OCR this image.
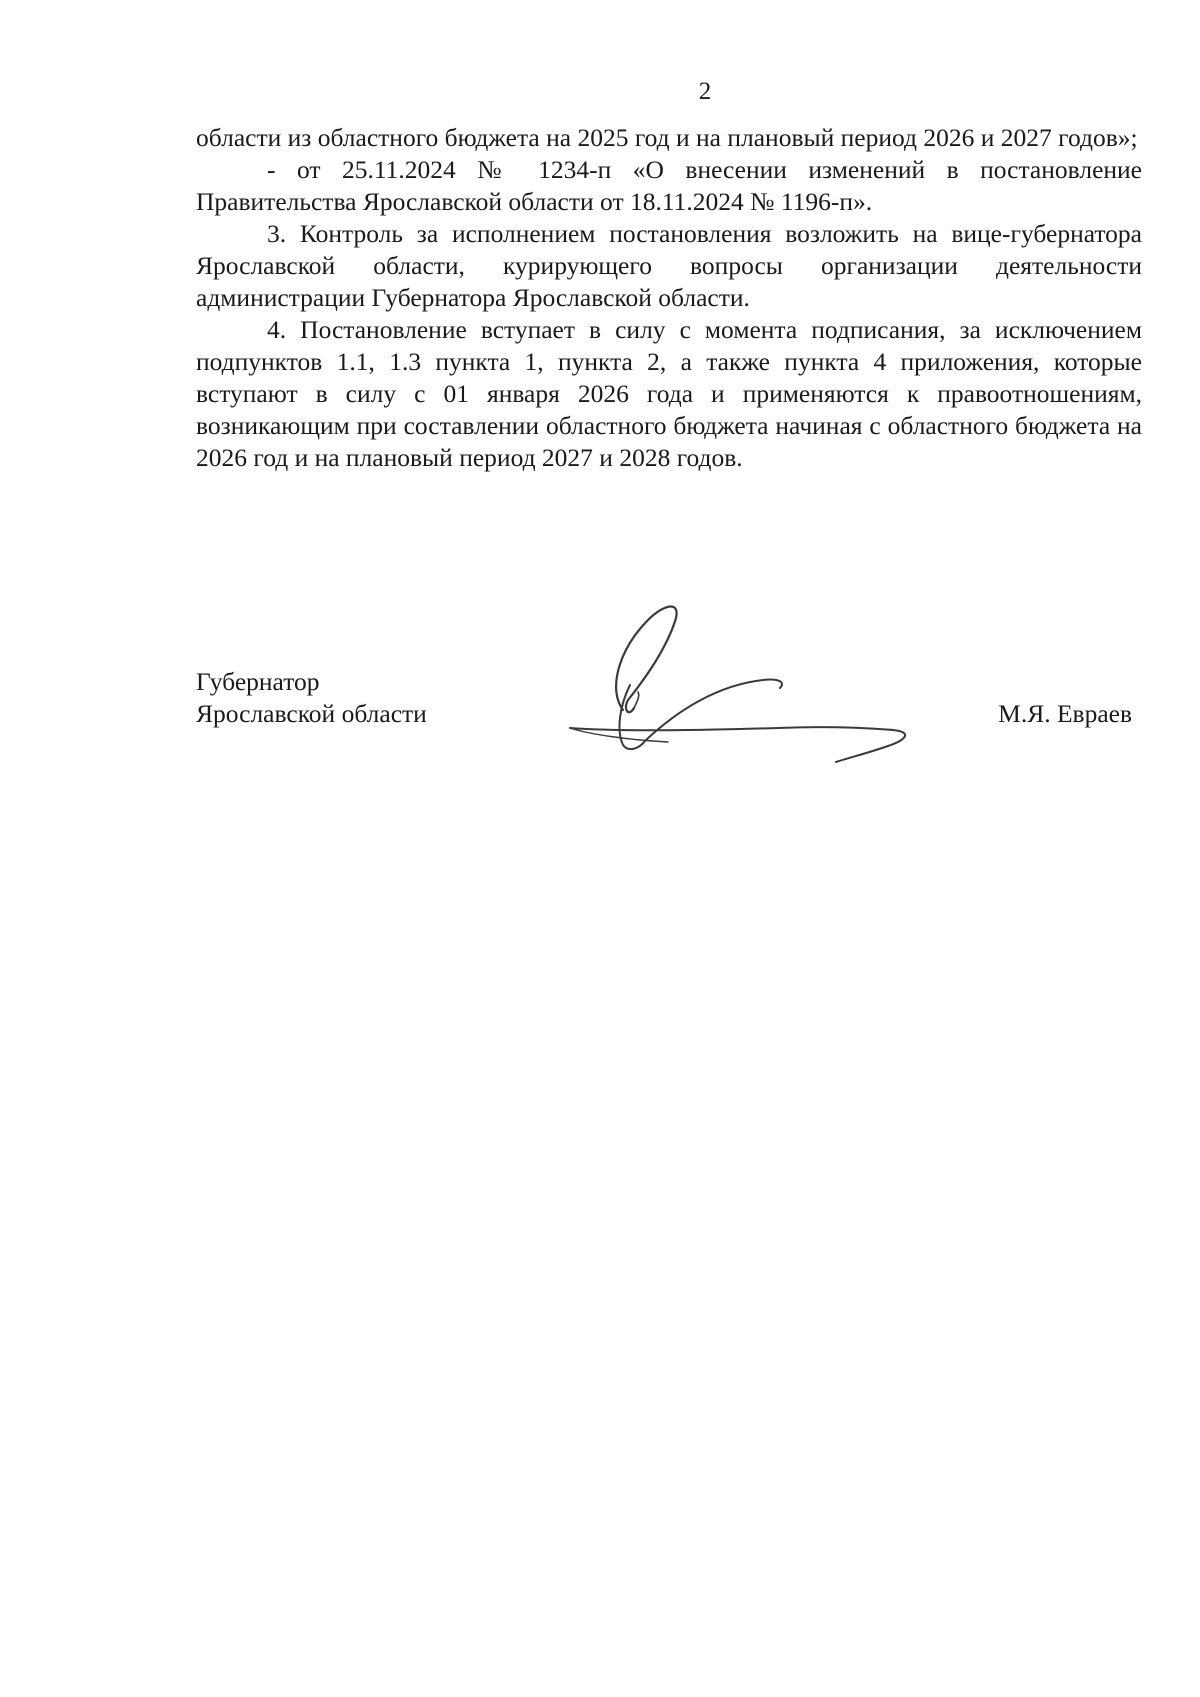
2

области из областного бюджета на 2025 год и на плановый период 2026 и 2027 годов»;

- от 25.11.2024 № 1234-п «О внесении изменений в постановление Правительства Ярославской области от 18.11.2024 № 1196-п».

3. Контроль за исполнением постановления возложить на вице-губернатора Ярославской области, курирующего вопросы организации деятельности администрации Губернатора Ярославской области.

4. Постановление вступает в силу с момента подписания, за исключением подпунктов 1.1, 1.3 пункта 1, пункта 2, а также пункта 4 приложения, которые вступают в силу с 01 января 2026 года и применяются к правоотношениям, возникающим при составлении областного бюджета начиная с областного бюджета на 2026 год и на плановый период 2027 и 2028 годов.

Губернатор
Ярославской области	М.Я. Евраев
